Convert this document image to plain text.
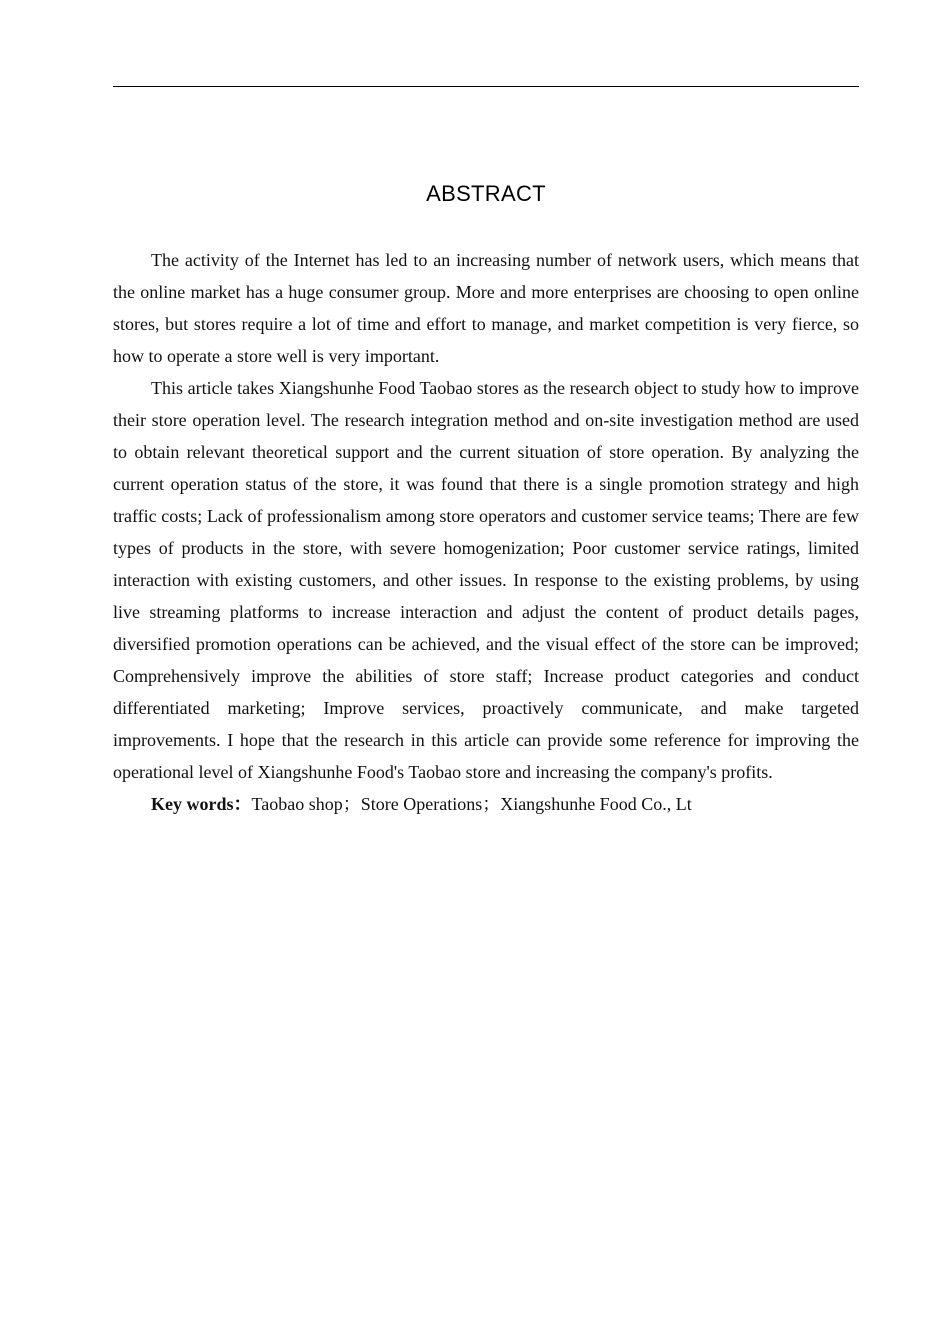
ABSTRACT

The activity of the Internet has led to an increasing number of network users, which means that the online market has a huge consumer group. More and more enterprises are choosing to open online stores, but stores require a lot of time and effort to manage, and market competition is very fierce, so how to operate a store well is very important.

This article takes Xiangshunhe Food Taobao stores as the research object to study how to improve their store operation level. The research integration method and on-site investigation method are used to obtain relevant theoretical support and the current situation of store operation. By analyzing the current operation status of the store, it was found that there is a single promotion strategy and high traffic costs; Lack of professionalism among store operators and customer service teams; There are few types of products in the store, with severe homogenization; Poor customer service ratings, limited interaction with existing customers, and other issues. In response to the existing problems, by using live streaming platforms to increase interaction and adjust the content of product details pages, diversified promotion operations can be achieved, and the visual effect of the store can be improved; Comprehensively improve the abilities of store staff; Increase product categories and conduct differentiated marketing; Improve services, proactively communicate, and make targeted improvements. I hope that the research in this article can provide some reference for improving the operational level of Xiangshunhe Food's Taobao store and increasing the company's profits.

Key words：Taobao shop；Store Operations；Xiangshunhe Food Co., Lt
